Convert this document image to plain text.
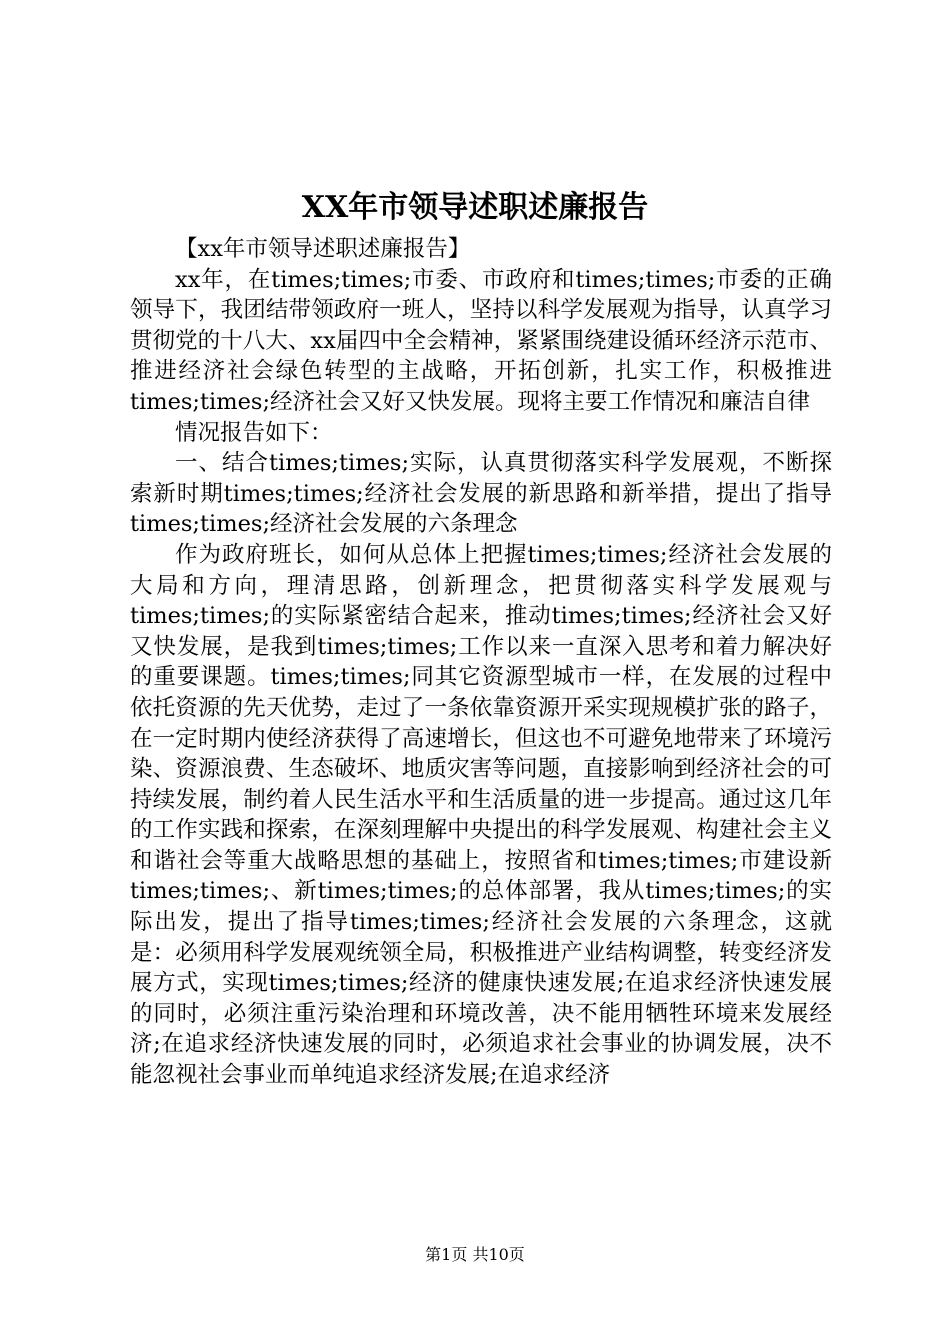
XX年市领导述职述廉报告

【xx年市领导述职述廉报告】

xx年，在times;times;市委、市政府和times;times;市委的正确领导下，我团结带领政府一班人，坚持以科学发展观为指导，认真学习贯彻党的十八大、xx届四中全会精神，紧紧围绕建设循环经济示范市、推进经济社会绿色转型的主战略，开拓创新，扎实工作，积极推进times;times;经济社会又好又快发展。现将主要工作情况和廉洁自律

情况报告如下：

一、结合times;times;实际，认真贯彻落实科学发展观，不断探索新时期times;times;经济社会发展的新思路和新举措，提出了指导times;times;经济社会发展的六条理念

作为政府班长，如何从总体上把握times;times;经济社会发展的大局和方向，理清思路，创新理念，把贯彻落实科学发展观与times;times;的实际紧密结合起来，推动times;times;经济社会又好又快发展，是我到times;times;工作以来一直深入思考和着力解决好的重要课题。times;times;同其它资源型城市一样，在发展的过程中依托资源的先天优势，走过了一条依靠资源开采实现规模扩张的路子，在一定时期内使经济获得了高速增长，但这也不可避免地带来了环境污染、资源浪费、生态破坏、地质灾害等问题，直接影响到经济社会的可持续发展，制约着人民生活水平和生活质量的进一步提高。通过这几年的工作实践和探索，在深刻理解中央提出的科学发展观、构建社会主义和谐社会等重大战略思想的基础上，按照省和times;times;市建设新times;times;、新times;times;的总体部署，我从times;times;的实际出发，提出了指导times;times;经济社会发展的六条理念，这就是：必须用科学发展观统领全局，积极推进产业结构调整，转变经济发展方式，实现times;times;经济的健康快速发展;在追求经济快速发展的同时，必须注重污染治理和环境改善，决不能用牺牲环境来发展经济;在追求经济快速发展的同时，必须追求社会事业的协调发展，决不能忽视社会事业而单纯追求经济发展;在追求经济

第1页 共10页
